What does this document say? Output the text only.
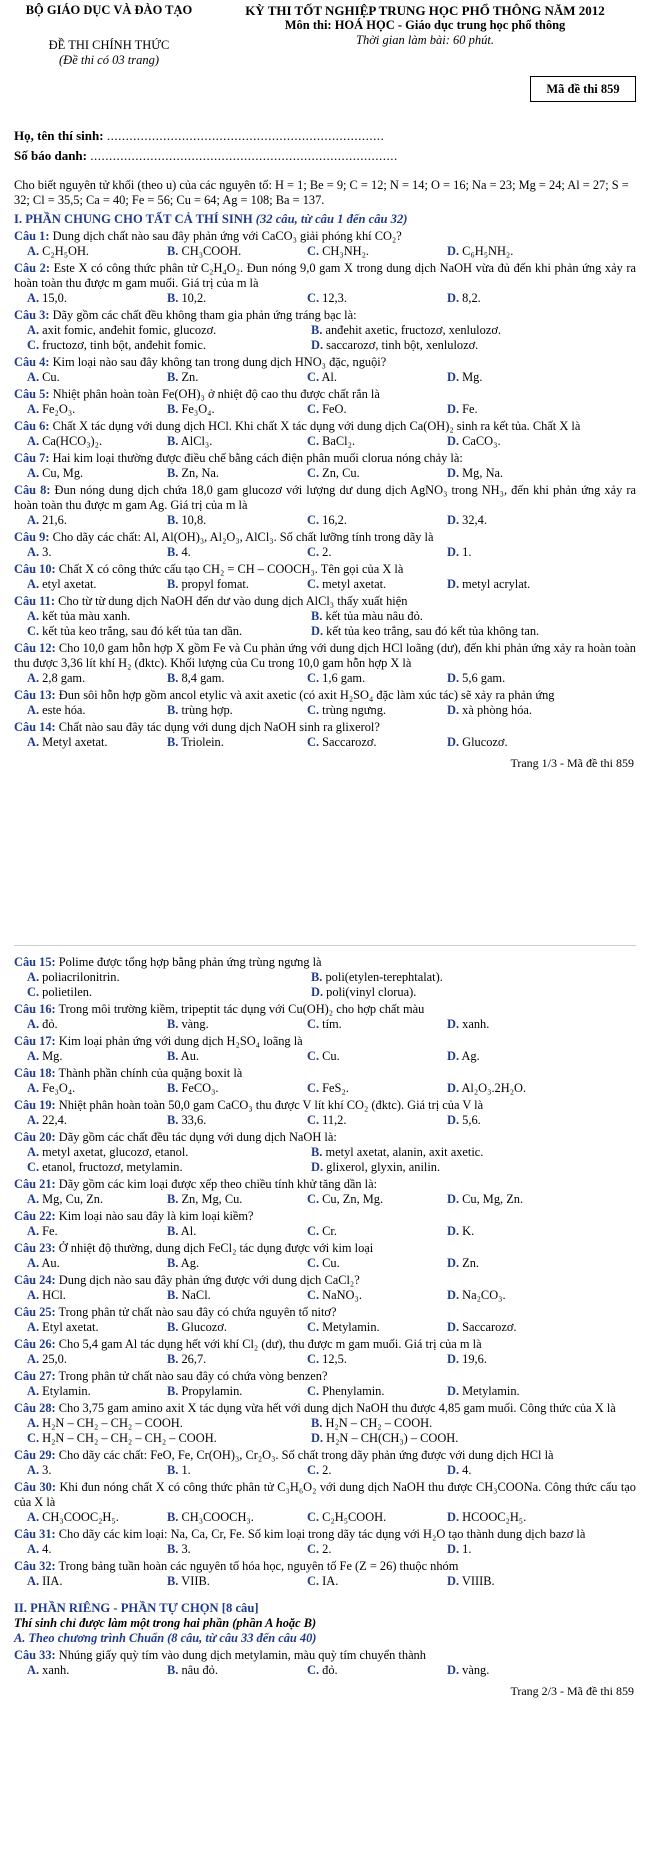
BỘ GIÁO DỤC VÀ ĐÀO TẠO
ĐỀ THI CHÍNH THỨC
(Đề thi có 03 trang)
KỲ THI TỐT NGHIỆP TRUNG HỌC PHỔ THÔNG NĂM 2012
Môn thi: HOÁ HỌC - Giáo dục trung học phổ thông
Thời gian làm bài: 60 phút.
Mã đề thi 859
Họ, tên thí sinh: ..........................................................................
Số báo danh: ..................................................................................
Cho biết nguyên tử khối (theo u) của các nguyên tố: H = 1; Be = 9; C = 12; N = 14; O = 16; Na = 23; Mg = 24; Al = 27; S = 32; Cl = 35,5; Ca = 40; Fe = 56; Cu = 64; Ag = 108; Ba = 137.
I. PHẦN CHUNG CHO TẤT CẢ THÍ SINH (32 câu, từ câu 1 đến câu 32)
Câu 1: Dung dịch chất nào sau đây phản ứng với CaCO₃ giải phóng khí CO₂?
A. C₂H₅OH.	B. CH₃COOH.	C. CH₃NH₂.	D. C₆H₅NH₂.
Câu 2: Este X có công thức phân tử C₂H₄O₂. Đun nóng 9,0 gam X trong dung dịch NaOH vừa đủ đến khi phản ứng xảy ra hoàn toàn thu được m gam muối. Giá trị của m là
A. 15,0.	B. 10,2.	C. 12,3.	D. 8,2.
Câu 3: Dãy gồm các chất đều không tham gia phản ứng tráng bạc là:
A. axit fomic, anđehit fomic, glucozơ.	B. anđehit axetic, fructozơ, xenlulozơ.
C. fructozơ, tinh bột, anđehit fomic.	D. saccarozơ, tinh bột, xenlulozơ.
Câu 4: Kim loại nào sau đây không tan trong dung dịch HNO₃ đặc, nguội?
A. Cu.	B. Zn.	C. Al.	D. Mg.
Câu 5: Nhiệt phân hoàn toàn Fe(OH)₃ ở nhiệt độ cao thu được chất rắn là
A. Fe₂O₃.	B. Fe₃O₄.	C. FeO.	D. Fe.
Câu 6: Chất X tác dụng với dung dịch HCl. Khi chất X tác dụng với dung dịch Ca(OH)₂ sinh ra kết tủa. Chất X là
A. Ca(HCO₃)₂.	B. AlCl₃.	C. BaCl₂.	D. CaCO₃.
Câu 7: Hai kim loại thường được điều chế bằng cách điện phân muối clorua nóng chảy là:
A. Cu, Mg.	B. Zn, Na.	C. Zn, Cu.	D. Mg, Na.
Câu 8: Đun nóng dung dịch chứa 18,0 gam glucozơ với lượng dư dung dịch AgNO₃ trong NH₃, đến khi phản ứng xảy ra hoàn toàn thu được m gam Ag. Giá trị của m là
A. 21,6.	B. 10,8.	C. 16,2.	D. 32,4.
Câu 9: Cho dãy các chất: Al, Al(OH)₃, Al₂O₃, AlCl₃. Số chất lưỡng tính trong dãy là
A. 3.	B. 4.	C. 2.	D. 1.
Câu 10: Chất X có công thức cấu tạo CH₂ = CH – COOCH₃. Tên gọi của X là
A. etyl axetat.	B. propyl fomat.	C. metyl axetat.	D. metyl acrylat.
Câu 11: Cho từ từ dung dịch NaOH đến dư vào dung dịch AlCl₃ thấy xuất hiện
A. kết tủa màu xanh.	B. kết tủa màu nâu đỏ.
C. kết tủa keo trắng, sau đó kết tủa tan dần.	D. kết tủa keo trắng, sau đó kết tủa không tan.
Câu 12: Cho 10,0 gam hỗn hợp X gồm Fe và Cu phản ứng với dung dịch HCl loãng (dư), đến khi phản ứng xảy ra hoàn toàn thu được 3,36 lít khí H₂ (đktc). Khối lượng của Cu trong 10,0 gam hỗn hợp X là
A. 2,8 gam.	B. 8,4 gam.	C. 1,6 gam.	D. 5,6 gam.
Câu 13: Đun sôi hỗn hợp gồm ancol etylic và axit axetic (có axit H₂SO₄ đặc làm xúc tác) sẽ xảy ra phản ứng
A. este hóa.	B. trùng hợp.	C. trùng ngưng.	D. xà phòng hóa.
Câu 14: Chất nào sau đây tác dụng với dung dịch NaOH sinh ra glixerol?
A. Metyl axetat.	B. Triolein.	C. Saccarozơ.	D. Glucozơ.
Trang 1/3 - Mã đề thi 859
Câu 15: Polime được tổng hợp bằng phản ứng trùng ngưng là
A. poliacrilonitrin.	B. poli(etylen-terephtalat).
C. polietilen.	D. poli(vinyl clorua).
Câu 16: Trong môi trường kiềm, tripeptit tác dụng với Cu(OH)₂ cho hợp chất màu
A. đỏ.	B. vàng.	C. tím.	D. xanh.
Câu 17: Kim loại phản ứng với dung dịch H₂SO₄ loãng là
A. Mg.	B. Au.	C. Cu.	D. Ag.
Câu 18: Thành phần chính của quặng boxit là
A. Fe₃O₄.	B. FeCO₃.	C. FeS₂.	D. Al₂O₃.2H₂O.
Câu 19: Nhiệt phân hoàn toàn 50,0 gam CaCO₃ thu được V lít khí CO₂ (đktc). Giá trị của V là
A. 22,4.	B. 33,6.	C. 11,2.	D. 5,6.
Câu 20: Dãy gồm các chất đều tác dụng với dung dịch NaOH là:
A. metyl axetat, glucozơ, etanol.	B. metyl axetat, alanin, axit axetic.
C. etanol, fructozơ, metylamin.	D. glixerol, glyxin, anilin.
Câu 21: Dãy gồm các kim loại được xếp theo chiều tính khử tăng dần là:
A. Mg, Cu, Zn.	B. Zn, Mg, Cu.	C. Cu, Zn, Mg.	D. Cu, Mg, Zn.
Câu 22: Kim loại nào sau đây là kim loại kiềm?
A. Fe.	B. Al.	C. Cr.	D. K.
Câu 23: Ở nhiệt độ thường, dung dịch FeCl₂ tác dụng được với kim loại
A. Au.	B. Ag.	C. Cu.	D. Zn.
Câu 24: Dung dịch nào sau đây phản ứng được với dung dịch CaCl₂?
A. HCl.	B. NaCl.	C. NaNO₃.	D. Na₂CO₃.
Câu 25: Trong phân tử chất nào sau đây có chứa nguyên tố nitơ?
A. Etyl axetat.	B. Glucozơ.	C. Metylamin.	D. Saccarozơ.
Câu 26: Cho 5,4 gam Al tác dụng hết với khí Cl₂ (dư), thu được m gam muối. Giá trị của m là
A. 25,0.	B. 26,7.	C. 12,5.	D. 19,6.
Câu 27: Trong phân tử chất nào sau đây có chứa vòng benzen?
A. Etylamin.	B. Propylamin.	C. Phenylamin.	D. Metylamin.
Câu 28: Cho 3,75 gam amino axit X tác dụng vừa hết với dung dịch NaOH thu được 4,85 gam muối. Công thức của X là
A. H₂N – CH₂ – CH₂ – COOH.	B. H₂N – CH₂ – COOH.
C. H₂N – CH₂ – CH₂ – CH₂ – COOH.	D. H₂N – CH(CH₃) – COOH.
Câu 29: Cho dãy các chất: FeO, Fe, Cr(OH)₃, Cr₂O₃. Số chất trong dãy phản ứng được với dung dịch HCl là
A. 3.	B. 1.	C. 2.	D. 4.
Câu 30: Khi đun nóng chất X có công thức phân tử C₃H₆O₂ với dung dịch NaOH thu được CH₃COONa. Công thức cấu tạo của X là
A. CH₃COOC₂H₅.	B. CH₃COOCH₃.	C. C₂H₅COOH.	D. HCOOC₂H₅.
Câu 31: Cho dãy các kim loại: Na, Ca, Cr, Fe. Số kim loại trong dãy tác dụng với H₂O tạo thành dung dịch bazơ là
A. 4.	B. 3.	C. 2.	D. 1.
Câu 32: Trong bảng tuần hoàn các nguyên tố hóa học, nguyên tố Fe (Z = 26) thuộc nhóm
A. IIA.	B. VIIB.	C. IA.	D. VIIIB.
II. PHẦN RIÊNG - PHẦN TỰ CHỌN [8 câu]
Thí sinh chỉ được làm một trong hai phần (phần A hoặc B)
A. Theo chương trình Chuẩn (8 câu, từ câu 33 đến câu 40)
Câu 33: Nhúng giấy quỳ tím vào dung dịch metylamin, màu quỳ tím chuyển thành
A. xanh.	B. nâu đỏ.	C. đỏ.	D. vàng.
Trang 2/3 - Mã đề thi 859
